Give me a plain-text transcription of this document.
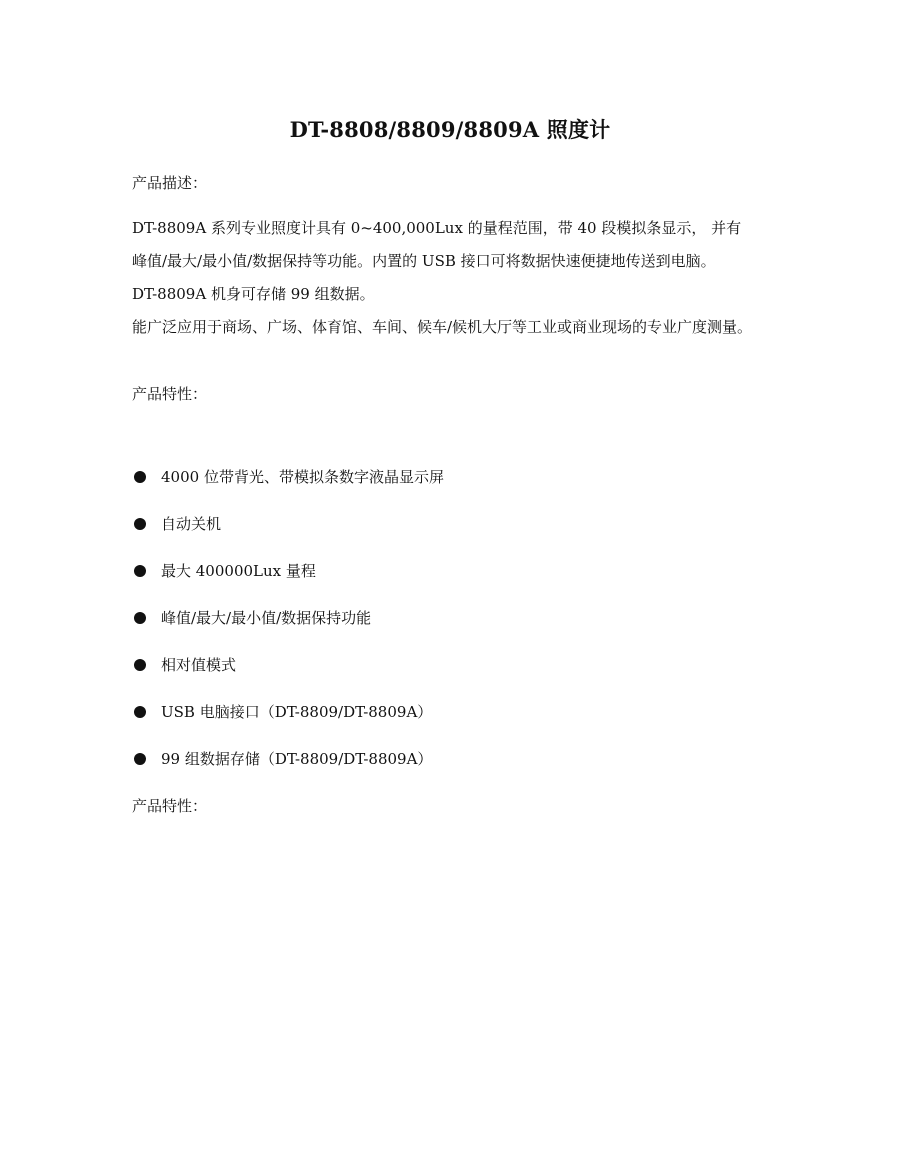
DT-8808/8809/8809A 照度计
产品描述：
DT-8809A 系列专业照度计具有 0~400,000Lux 的量程范围，带 40 段模拟条显示， 并有
峰值/最大/最小值/数据保持等功能。内置的 USB 接口可将数据快速便捷地传送到电脑。
DT-8809A 机身可存储 99 组数据。
能广泛应用于商场、广场、体育馆、车间、候车/候机大厅等工业或商业现场的专业广度测量。
产品特性：
4000 位带背光、带模拟条数字液晶显示屏
自动关机
最大 400000Lux 量程
峰值/最大/最小值/数据保持功能
相对值模式
USB 电脑接口（DT-8809/DT-8809A）
99 组数据存储（DT-8809/DT-8809A）
产品特性：
